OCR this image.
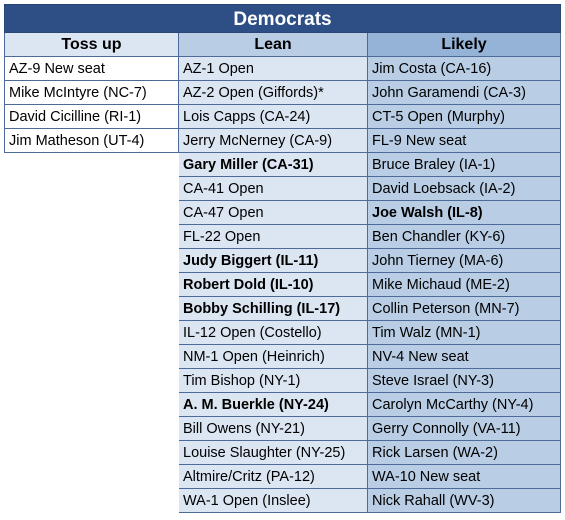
Democrats
Toss up
AZ-9 New seat
Mike McIntyre (NC-7)
David Cicilline (RI-1)
Jim Matheson (UT-4)
Lean
AZ-1 Open
AZ-2 Open (Giffords)*
Lois Capps (CA-24)
Jerry McNerney (CA-9)
Gary Miller (CA-31)
CA-41 Open
CA-47 Open
FL-22 Open
Judy Biggert (IL-11)
Robert Dold (IL-10)
Bobby Schilling (IL-17)
IL-12 Open (Costello)
NM-1 Open (Heinrich)
Tim Bishop (NY-1)
A. M. Buerkle (NY-24)
Bill Owens (NY-21)
Louise Slaughter (NY-25)
Altmire/Critz (PA-12)
WA-1 Open (Inslee)
Likely
Jim Costa (CA-16)
John Garamendi (CA-3)
CT-5 Open (Murphy)
FL-9 New seat
Bruce Braley (IA-1)
David Loebsack (IA-2)
Joe Walsh (IL-8)
Ben Chandler (KY-6)
John Tierney (MA-6)
Mike Michaud (ME-2)
Collin Peterson (MN-7)
Tim Walz (MN-1)
NV-4 New seat
Steve Israel (NY-3)
Carolyn McCarthy (NY-4)
Gerry Connolly (VA-11)
Rick Larsen (WA-2)
WA-10 New seat
Nick Rahall (WV-3)
